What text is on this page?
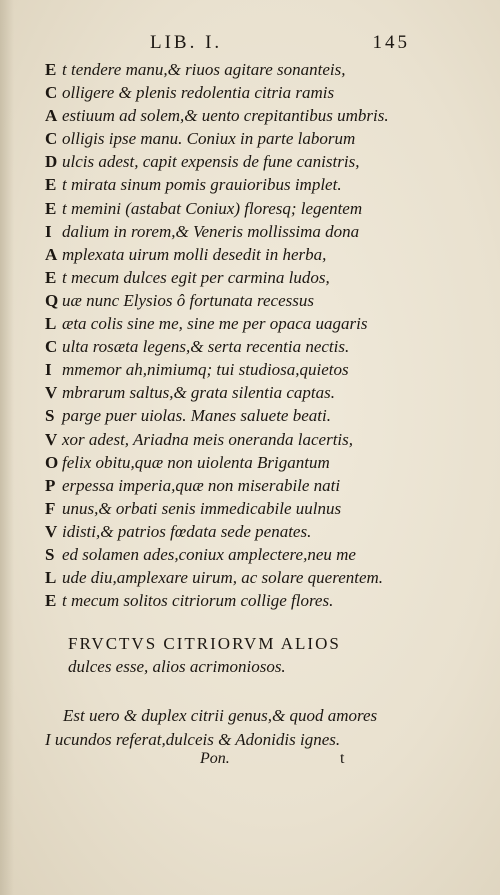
LIB. I.	145
E t tendere manu,& riuos agitare sonanteis,
C olligere & plenis redolentia citria ramis
A estiuum ad solem,& uento crepitantibus umbris.
C olligis ipse manu. Coniux in parte laborum
D ulcis adest, capit expensis de fune canistris,
E t mirata sinum pomis grauioribus implet.
E t memini (astabat Coniux) floresq; legentem
I dalium in rorem,& Veneris mollissima dona
A mplexata uirum molli desedit in herba,
E t mecum dulces egit per carmina ludos,
Q uæ nunc Elysios ô fortunata recessus
L æta colis sine me, sine me per opaca uagaris
C ulta rosæta legens,& serta recentia nectis.
I mmemor ah,nimiumq; tui studiosa,quietos
V mbrarum saltus,& grata silentia captas.
S parge puer uiolas. Manes saluete beati.
V xor adest, Ariadna meis oneranda lacertis,
O felix obitu,quæ non uiolenta Brigantum
P erpessa imperia,quæ non miserabile nati
F unus,& orbati senis immedicabile uulnus
V idisti,& patrios fœdata sede penates.
S ed solamen ades,coniux amplectere,neu me
L ude diu,amplexare uirum, ac solare querentem.
E t mecum solitos citriorum collige flores.
FRVCTVS CITRIORVM ALIOS
dulces esse, alios acrimoniosos.
Est uero & duplex citrii genus,& quod amores
I ucundos referat,dulceis & Adonidis ignes.
Pon.	t
